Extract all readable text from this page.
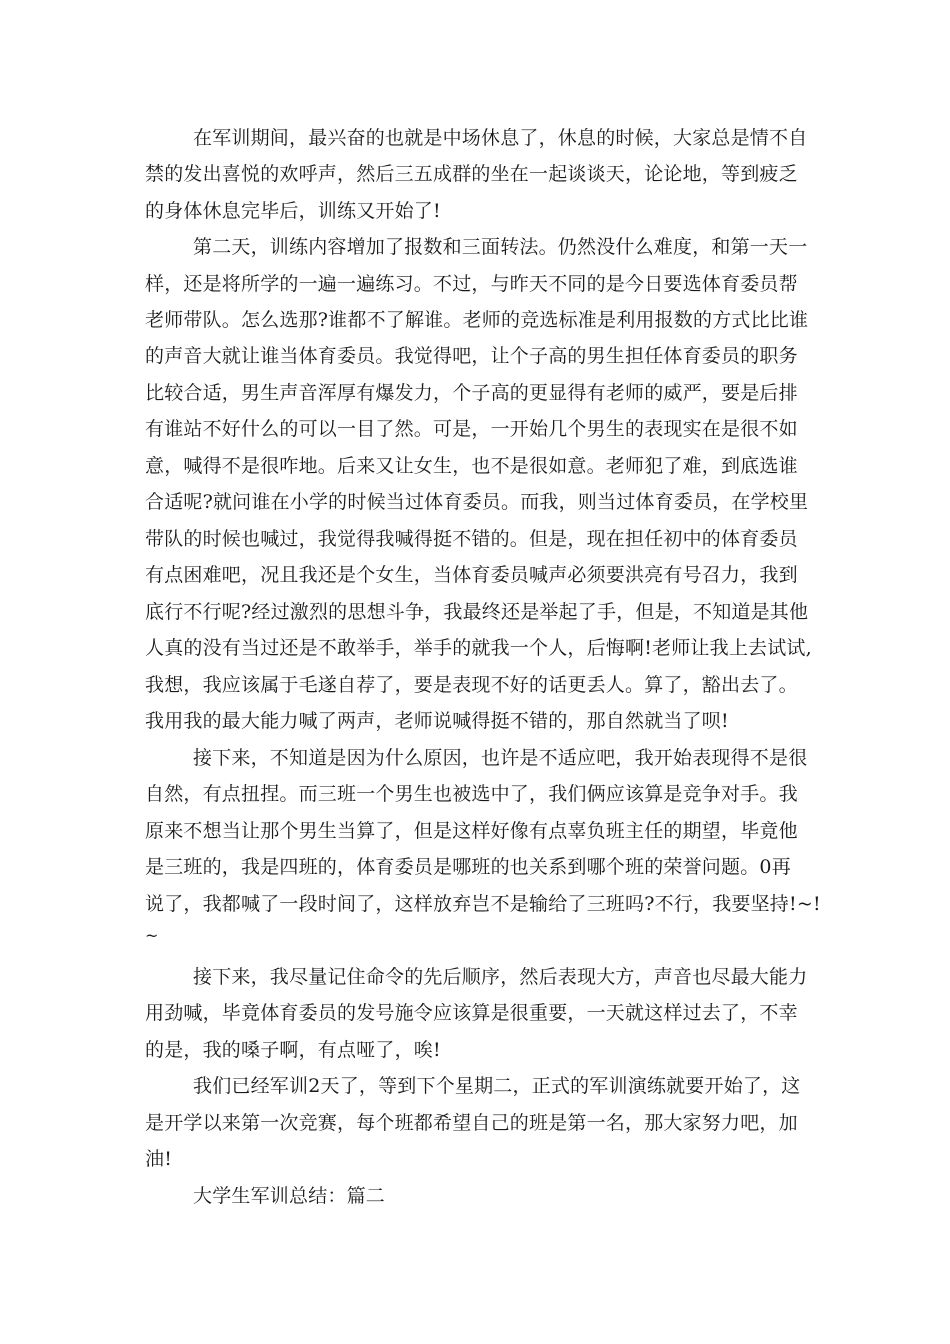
在军训期间，最兴奋的也就是中场休息了，休息的时候，大家总是情不自
禁的发出喜悦的欢呼声，然后三五成群的坐在一起谈谈天，论论地，等到疲乏
的身体休息完毕后，训练又开始了!
第二天，训练内容增加了报数和三面转法。仍然没什么难度，和第一天一
样，还是将所学的一遍一遍练习。不过，与昨天不同的是今日要选体育委员帮
老师带队。怎么选那?谁都不了解谁。老师的竞选标准是利用报数的方式比比谁
的声音大就让谁当体育委员。我觉得吧，让个子高的男生担任体育委员的职务
比较合适，男生声音浑厚有爆发力，个子高的更显得有老师的威严，要是后排
有谁站不好什么的可以一目了然。可是，一开始几个男生的表现实在是很不如
意，喊得不是很咋地。后来又让女生，也不是很如意。老师犯了难，到底选谁
合适呢?就问谁在小学的时候当过体育委员。而我，则当过体育委员，在学校里
带队的时候也喊过，我觉得我喊得挺不错的。但是，现在担任初中的体育委员
有点困难吧，况且我还是个女生，当体育委员喊声必须要洪亮有号召力，我到
底行不行呢?经过激烈的思想斗争，我最终还是举起了手，但是，不知道是其他
人真的没有当过还是不敢举手，举手的就我一个人，后悔啊!老师让我上去试试,
我想，我应该属于毛遂自荐了，要是表现不好的话更丢人。算了，豁出去了。
我用我的最大能力喊了两声，老师说喊得挺不错的，那自然就当了呗!
接下来，不知道是因为什么原因，也许是不适应吧，我开始表现得不是很
自然，有点扭捏。而三班一个男生也被选中了，我们俩应该算是竞争对手。我
原来不想当让那个男生当算了，但是这样好像有点辜负班主任的期望，毕竟他
是三班的，我是四班的，体育委员是哪班的也关系到哪个班的荣誉问题。0再
说了，我都喊了一段时间了，这样放弃岂不是输给了三班吗?不行，我要坚持!~!
~
接下来，我尽量记住命令的先后顺序，然后表现大方，声音也尽最大能力
用劲喊，毕竟体育委员的发号施令应该算是很重要，一天就这样过去了，不幸
的是，我的嗓子啊，有点哑了，唉!
我们已经军训2天了，等到下个星期二，正式的军训演练就要开始了，这
是开学以来第一次竞赛，每个班都希望自己的班是第一名，那大家努力吧，加
油!
大学生军训总结：篇二
